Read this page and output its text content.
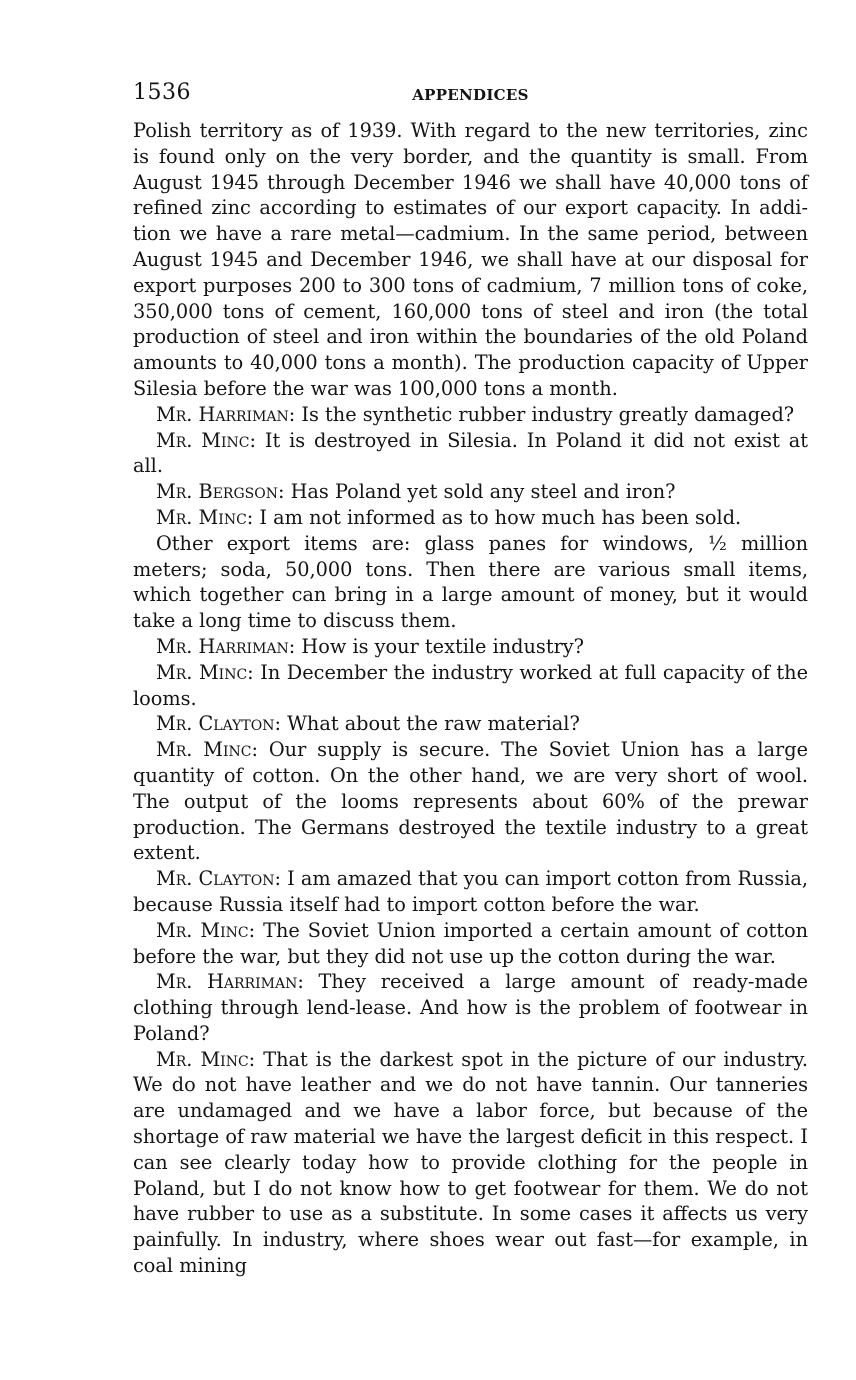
1536	APPENDICES

Polish territory as of 1939. With regard to the new territories, zinc is found only on the very border, and the quantity is small. From August 1945 through December 1946 we shall have 40,000 tons of refined zinc according to estimates of our export capacity. In addition we have a rare metal—cadmium. In the same period, between August 1945 and December 1946, we shall have at our disposal for export purposes 200 to 300 tons of cadmium, 7 million tons of coke, 350,000 tons of cement, 160,000 tons of steel and iron (the total production of steel and iron within the boundaries of the old Poland amounts to 40,000 tons a month). The production capacity of Upper Silesia before the war was 100,000 tons a month.

Mr. Harriman: Is the synthetic rubber industry greatly damaged?

Mr. Minc: It is destroyed in Silesia. In Poland it did not exist at all.

Mr. Bergson: Has Poland yet sold any steel and iron?

Mr. Minc: I am not informed as to how much has been sold.

Other export items are: glass panes for windows, ½ million meters; soda, 50,000 tons. Then there are various small items, which together can bring in a large amount of money, but it would take a long time to discuss them.

Mr. Harriman: How is your textile industry?

Mr. Minc: In December the industry worked at full capacity of the looms.

Mr. Clayton: What about the raw material?

Mr. Minc: Our supply is secure. The Soviet Union has a large quantity of cotton. On the other hand, we are very short of wool. The output of the looms represents about 60% of the prewar production. The Germans destroyed the textile industry to a great extent.

Mr. Clayton: I am amazed that you can import cotton from Russia, because Russia itself had to import cotton before the war.

Mr. Minc: The Soviet Union imported a certain amount of cotton before the war, but they did not use up the cotton during the war.

Mr. Harriman: They received a large amount of ready-made clothing through lend-lease. And how is the problem of footwear in Poland?

Mr. Minc: That is the darkest spot in the picture of our industry. We do not have leather and we do not have tannin. Our tanneries are undamaged and we have a labor force, but because of the shortage of raw material we have the largest deficit in this respect. I can see clearly today how to provide clothing for the people in Poland, but I do not know how to get footwear for them. We do not have rubber to use as a substitute. In some cases it affects us very painfully. In industry, where shoes wear out fast—for example, in coal mining
